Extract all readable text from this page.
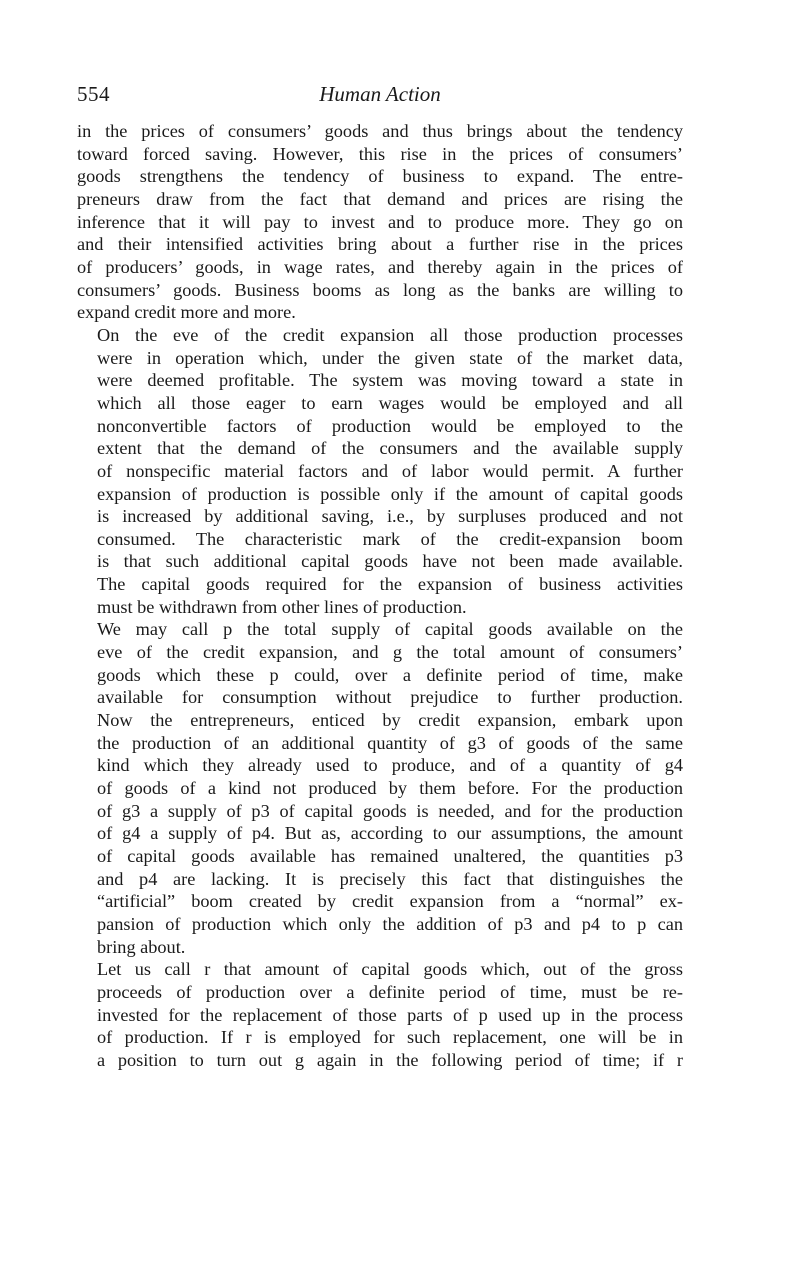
554	Human Action

in the prices of consumers’ goods and thus brings about the tendency
toward forced saving. However, this rise in the prices of consumers’
goods strengthens the tendency of business to expand. The entre-
preneurs draw from the fact that demand and prices are rising the
inference that it will pay to invest and to produce more. They go on
and their intensified activities bring about a further rise in the prices
of producers’ goods, in wage rates, and thereby again in the prices of
consumers’ goods. Business booms as long as the banks are willing to
expand credit more and more.

On the eve of the credit expansion all those production processes
were in operation which, under the given state of the market data,
were deemed profitable. The system was moving toward a state in
which all those eager to earn wages would be employed and all
nonconvertible factors of production would be employed to the
extent that the demand of the consumers and the available supply
of nonspecific material factors and of labor would permit. A further
expansion of production is possible only if the amount of capital goods
is increased by additional saving, i.e., by surpluses produced and not
consumed. The characteristic mark of the credit-expansion boom
is that such additional capital goods have not been made available.
The capital goods required for the expansion of business activities
must be withdrawn from other lines of production.

We may call p the total supply of capital goods available on the
eve of the credit expansion, and g the total amount of consumers’
goods which these p could, over a definite period of time, make
available for consumption without prejudice to further production.
Now the entrepreneurs, enticed by credit expansion, embark upon
the production of an additional quantity of g3 of goods of the same
kind which they already used to produce, and of a quantity of g4
of goods of a kind not produced by them before. For the production
of g3 a supply of p3 of capital goods is needed, and for the production
of g4 a supply of p4. But as, according to our assumptions, the amount
of capital goods available has remained unaltered, the quantities p3
and p4 are lacking. It is precisely this fact that distinguishes the
“artificial” boom created by credit expansion from a “normal” ex-
pansion of production which only the addition of p3 and p4 to p can
bring about.

Let us call r that amount of capital goods which, out of the gross
proceeds of production over a definite period of time, must be re-
invested for the replacement of those parts of p used up in the process
of production. If r is employed for such replacement, one will be in
a position to turn out g again in the following period of time; if r
